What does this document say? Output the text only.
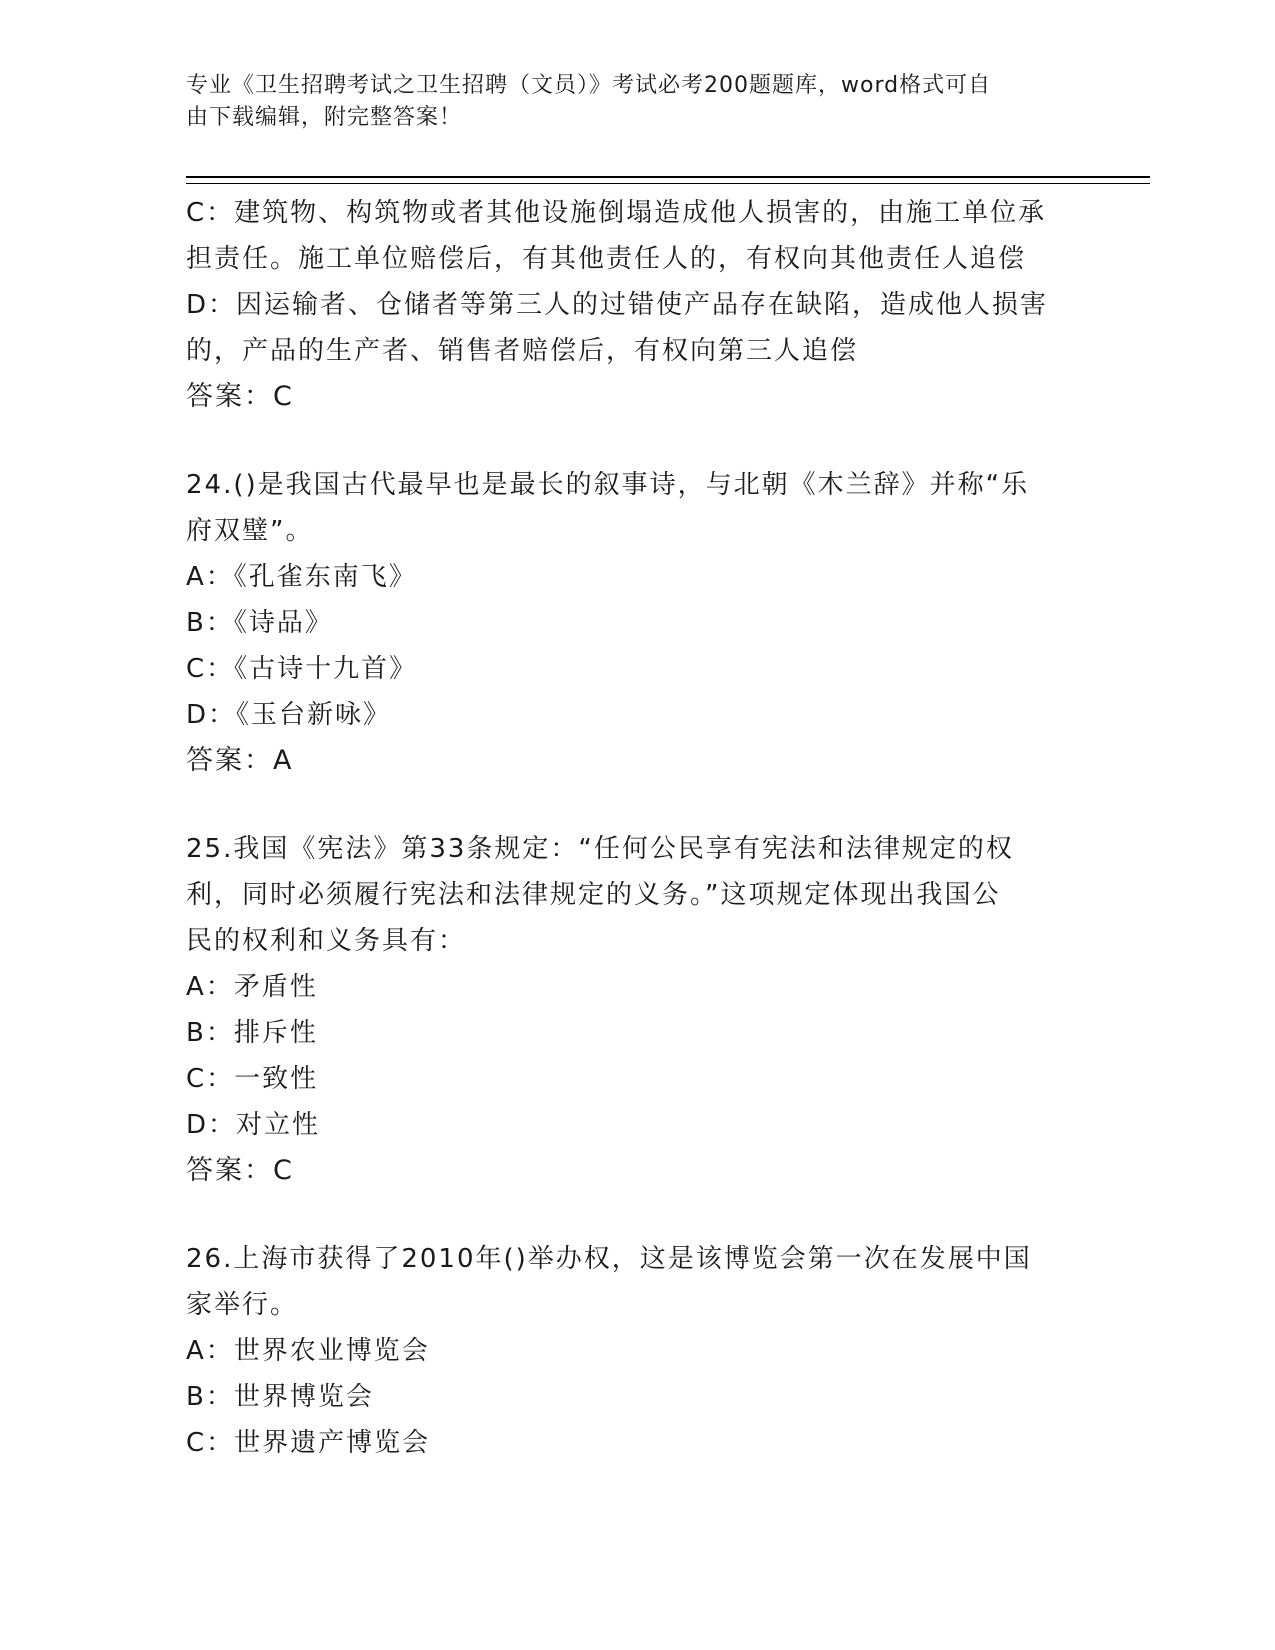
专业《卫生招聘考试之卫生招聘（文员）》考试必考200题题库，word格式可自
由下载编辑，附完整答案！
C：建筑物、构筑物或者其他设施倒塌造成他人损害的，由施工单位承
担责任。施工单位赔偿后，有其他责任人的，有权向其他责任人追偿
D：因运输者、仓储者等第三人的过错使产品存在缺陷，造成他人损害
的，产品的生产者、销售者赔偿后，有权向第三人追偿
答案：C
24.()是我国古代最早也是最长的叙事诗，与北朝《木兰辞》并称“乐
府双璧”。
A：《孔雀东南飞》
B：《诗品》
C：《古诗十九首》
D：《玉台新咏》
答案：A
25.我国《宪法》第33条规定：“任何公民享有宪法和法律规定的权
利，同时必须履行宪法和法律规定的义务。”这项规定体现出我国公
民的权利和义务具有：
A：矛盾性
B：排斥性
C：一致性
D：对立性
答案：C
26.上海市获得了2010年()举办权，这是该博览会第一次在发展中国
家举行。
A：世界农业博览会
B：世界博览会
C：世界遗产博览会
